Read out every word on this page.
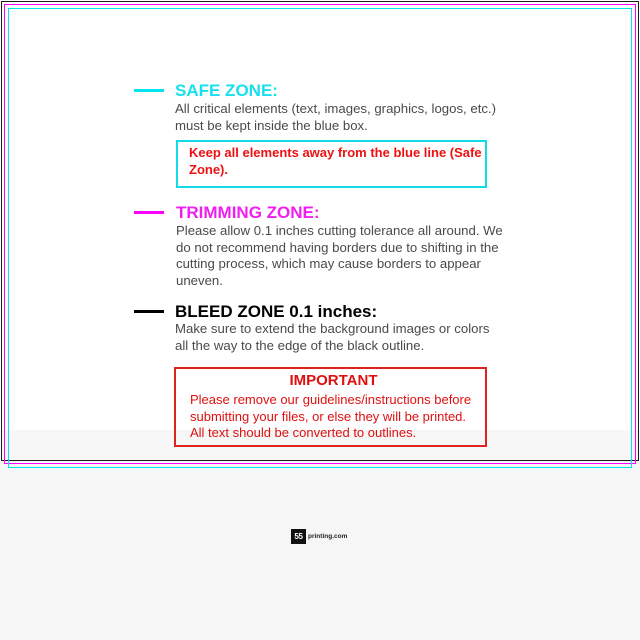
SAFE ZONE:

All critical elements (text, images, graphics, logos, etc.) must be kept inside the blue box.

Keep all elements away from the blue line (Safe Zone).

TRIMMING ZONE:

Please allow 0.1 inches cutting tolerance all around. We do not recommend having borders due to shifting in the cutting process, which may cause borders to appear uneven.

BLEED ZONE 0.1 inches:

Make sure to extend the background images or colors all the way to the edge of the black outline.

IMPORTANT

Please remove our guidelines/instructions before submitting your files, or else they will be printed. All text should be converted to outlines.

55 printing.com
